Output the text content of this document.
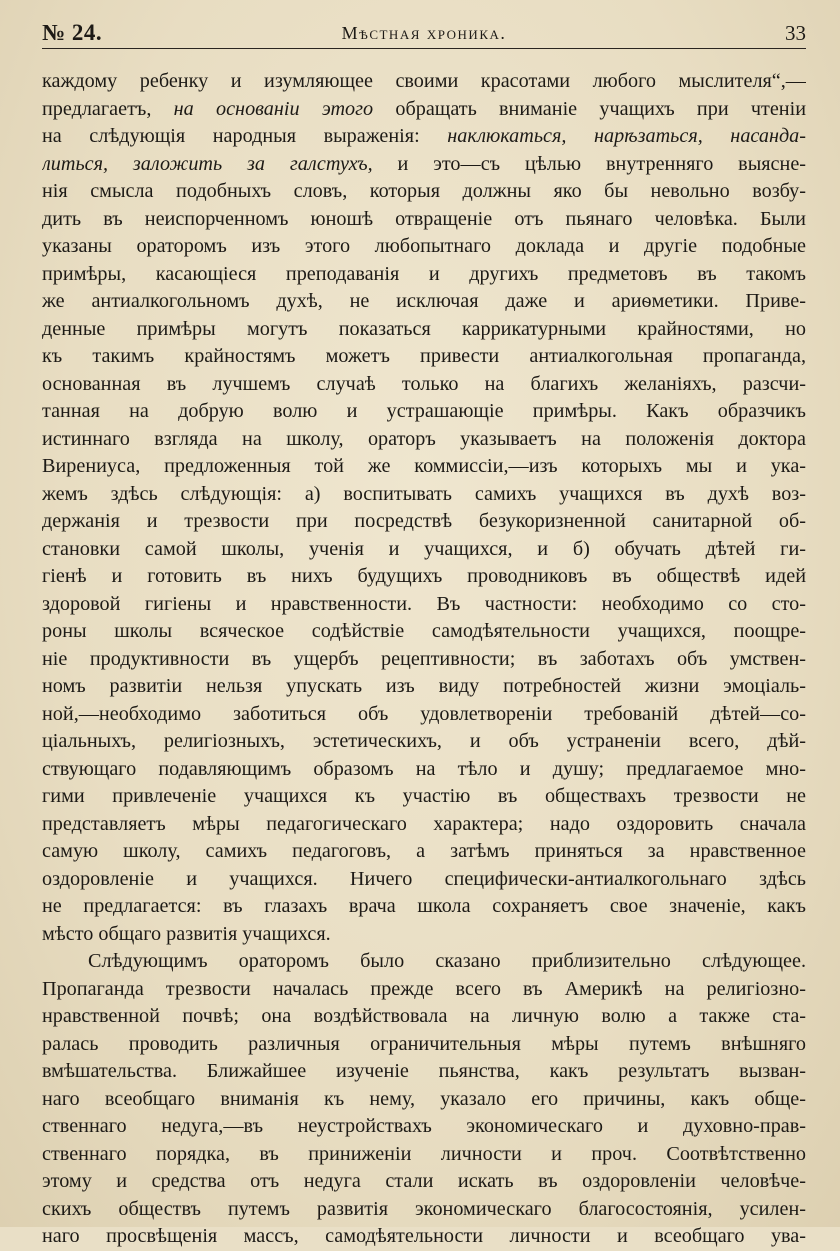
№ 24.	Мѣстная хроника.	33
каждому ребенку и изумляющее своими красотами любого мыслителя“,—
предлагаетъ, на основаніи этого обращать вниманіе учащихъ при чтеніи
на слѣдующія народныя выраженія: наклюкаться, нарѣзаться, насанда-
литься, заложить за галстухъ, и это—съ цѣлью внутренняго выясне-
нія смысла подобныхъ словъ, которыя должны яко бы невольно возбу-
дить въ неиспорченномъ юношѣ отвращеніе отъ пьянаго человѣка. Были
указаны ораторомъ изъ этого любопытнаго доклада и другіе подобные
примѣры, касающіеся преподаванія и другихъ предметовъ въ такомъ
же антиалкогольномъ духѣ, не исключая даже и ариѳметики. Приве-
денные примѣры могутъ показаться каррикатурными крайностями, но
къ такимъ крайностямъ можетъ привести антиалкогольная пропаганда,
основанная въ лучшемъ случаѣ только на благихъ желаніяхъ, разсчи-
танная на добрую волю и устрашающіе примѣры. Какъ образчикъ
истиннаго взгляда на школу, ораторъ указываетъ на положенія доктора
Вирениуса, предложенныя той же коммиссіи,—изъ которыхъ мы и ука-
жемъ здѣсь слѣдующія: а) воспитывать самихъ учащихся въ духѣ воз-
держанія и трезвости при посредствѣ безукоризненной санитарной об-
становки самой школы, ученія и учащихся, и б) обучать дѣтей ги-
гіенѣ и готовить въ нихъ будущихъ проводниковъ въ обществѣ идей
здоровой гигіены и нравственности. Въ частности: необходимо со сто-
роны школы всяческое содѣйствіе самодѣятельности учащихся, поощре-
ніе продуктивности въ ущербъ рецептивности; въ заботахъ объ умствен-
номъ развитіи нельзя упускать изъ виду потребностей жизни эмоціаль-
ной,—необходимо заботиться объ удовлетвореніи требованій дѣтей—со-
ціальныхъ, религіозныхъ, эстетическихъ, и объ устраненіи всего, дѣй-
ствующаго подавляющимъ образомъ на тѣло и душу; предлагаемое мно-
гими привлеченіе учащихся къ участію въ обществахъ трезвости не
представляетъ мѣры педагогическаго характера; надо оздоровить сначала
самую школу, самихъ педагоговъ, а затѣмъ приняться за нравственное
оздоровленіе и учащихся. Ничего специфически-антиалкогольнаго здѣсь
не предлагается: въ глазахъ врача школа сохраняетъ свое значеніе, какъ
мѣсто общаго развитія учащихся.
Слѣдующимъ ораторомъ было сказано приблизительно слѣдующее.
Пропаганда трезвости началась прежде всего въ Америкѣ на религіозно-
нравственной почвѣ; она воздѣйствовала на личную волю а также ста-
ралась проводить различныя ограничительныя мѣры путемъ внѣшняго
вмѣшательства. Ближайшее изученіе пьянства, какъ результатъ вызван-
наго всеобщаго вниманія къ нему, указало его причины, какъ обще-
ственнаго недуга,—въ неустройствахъ экономическаго и духовно-прав-
ственнаго порядка, въ приниженіи личности и проч. Соотвѣтственно
этому и средства отъ недуга стали искать въ оздоровленіи человѣче-
скихъ обществъ путемъ развитія экономическаго благосостоянія, усилен-
наго просвѣщенія массъ, самодѣятельности личности и всеобщаго ува-
